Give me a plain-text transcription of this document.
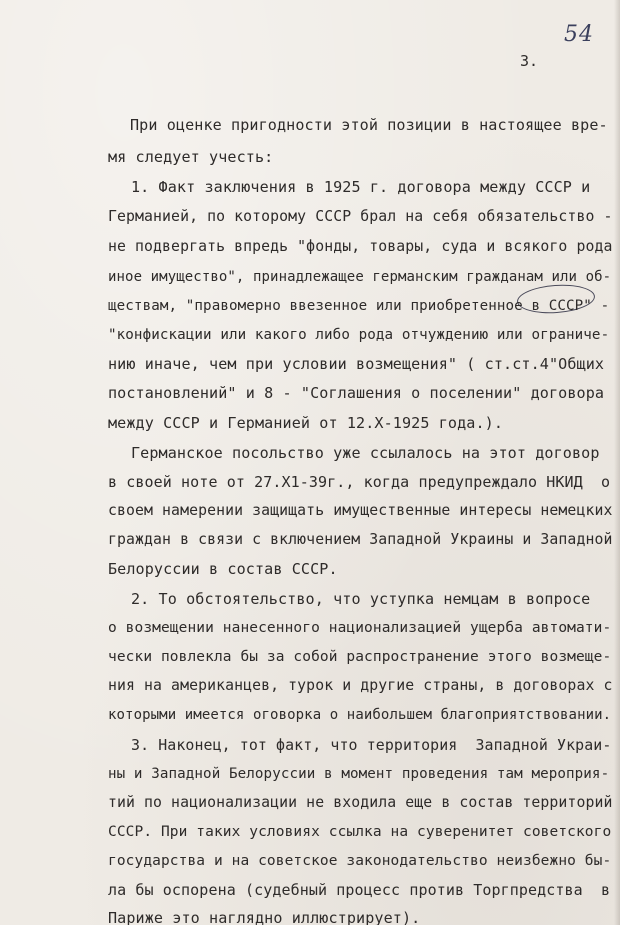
54
3.
При оценке пригодности этой позиции в настоящее вре-
мя следует учесть:
1. Факт заключения в 1925 г. договора между СССР и
Германией, по которому СССР брал на себя обязательство -
не подвергать впредь "фонды, товары, суда и всякого рода
иное имущество", принадлежащее германским гражданам или об-
ществам, "правомерно ввезенное или приобретенное в СССР" -
"конфискации или какого либо рода отчуждению или ограниче-
нию иначе, чем при условии возмещения" ( ст.ст.4"Общих
постановлений" и 8 - "Соглашения о поселении" договора
между СССР и Германией от 12.Х-1925 года.).
Германское посольство уже ссылалось на этот договор
в своей ноте от 27.Х1-39г., когда предупреждало НКИД  о
своем намерении защищать имущественные интересы немецких
граждан в связи с включением Западной Украины и Западной
Белоруссии в состав СССР.
2. То обстоятельство, что уступка немцам в вопросе
о возмещении нанесенного национализацией ущерба автомати-
чески повлекла бы за собой распространение этого возмеще-
ния на американцев, турок и другие страны, в договорах с
которыми имеется оговорка о наибольшем благоприятствовании.
3. Наконец, тот факт, что территория  Западной Украи-
ны и Западной Белоруссии в момент проведения там мероприя-
тий по национализации не входила еще в состав территорий
СССР. При таких условиях ссылка на суверенитет советского
государства и на советское законодательство неизбежно бы-
ла бы оспорена (судебный процесс против Торгпредства  в
Париже это наглядно иллюстрирует).
